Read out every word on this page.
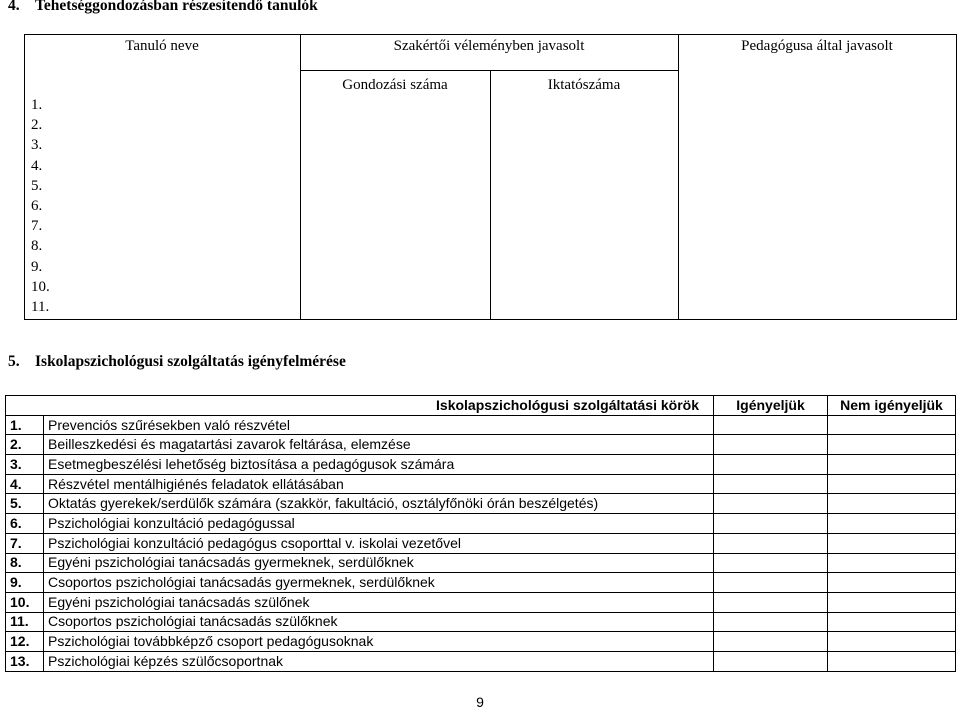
4. Tehetséggondozásban részesítendő tanulók
Tanuló neve	Szakértői véleményben javasolt	Pedagógusa által javasolt
Gondozási száma	Iktatószáma
1.
2.
3.
4.
5.
6.
7.
8.
9.
10.
11.
5. Iskolapszichológusi szolgáltatás igényfelmérése
Iskolapszichológusi szolgáltatási körök		Igényeljük	Nem igényeljük
1.	Prevenciós szűrésekben való részvétel		
2.	Beilleszkedési és magatartási zavarok feltárása, elemzése		
3.	Esetmegbeszélési lehetőség biztosítása a pedagógusok számára		
4.	Részvétel mentálhigiénés feladatok ellátásában		
5.	Oktatás gyerekek/serdülők számára (szakkör, fakultáció, osztályfőnöki órán beszélgetés)		
6.	Pszichológiai konzultáció pedagógussal		
7.	Pszichológiai konzultáció pedagógus csoporttal v. iskolai vezetővel		
8.	Egyéni pszichológiai tanácsadás gyermeknek, serdülőknek		
9.	Csoportos pszichológiai tanácsadás gyermeknek, serdülőknek		
10.	Egyéni pszichológiai tanácsadás szülőnek		
11.	Csoportos pszichológiai tanácsadás szülőknek		
12.	Pszichológiai továbbképző csoport pedagógusoknak		
13.	Pszichológiai képzés szülőcsoportnak		
9
